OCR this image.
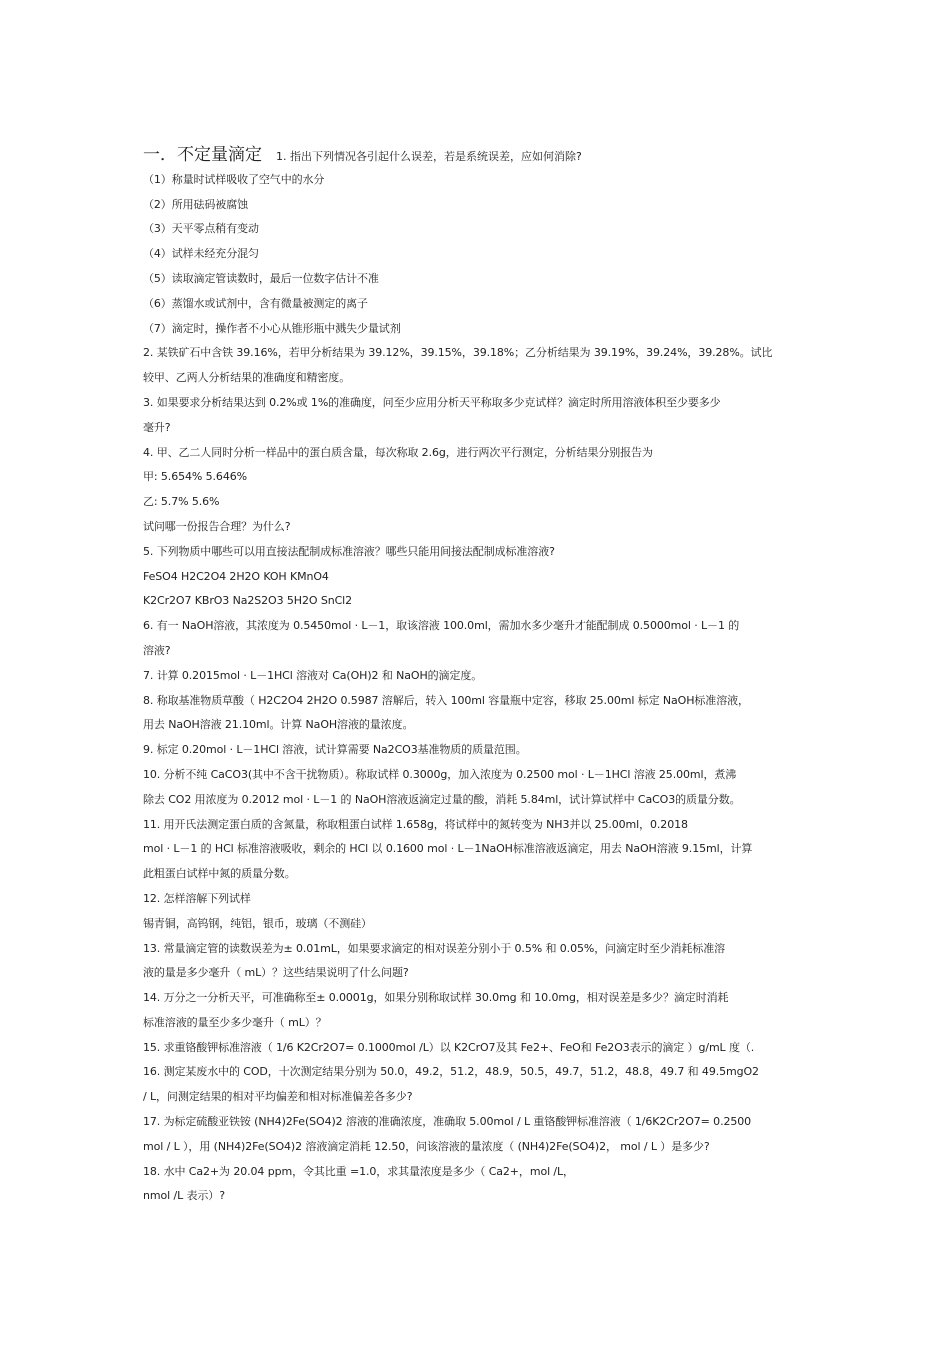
一．不定量滴定 1. 指出下列情况各引起什么误差，若是系统误差，应如何消除?
（1）称量时试样吸收了空气中的水分
（2）所用砝码被腐蚀
（3）天平零点稍有变动
（4）试样未经充分混匀
（5）读取滴定管读数时，最后一位数字估计不准
（6）蒸馏水或试剂中，含有微量被测定的离子
（7）滴定时，操作者不小心从锥形瓶中溅失少量试剂
2. 某铁矿石中含铁 39.16%，若甲分析结果为 39.12%，39.15%，39.18%；乙分析结果为 39.19%，39.24%，39.28%。试比
较甲、乙两人分析结果的准确度和精密度。
3. 如果要求分析结果达到 0.2%或 1%的准确度，问至少应用分析天平称取多少克试样？滴定时所用溶液体积至少要多少
毫升?
4. 甲、乙二人同时分析一样品中的蛋白质含量，每次称取 2.6g，进行两次平行测定，分析结果分别报告为
甲: 5.654% 5.646%
乙: 5.7% 5.6%
试问哪一份报告合理？为什么?
5. 下列物质中哪些可以用直接法配制成标准溶液？哪些只能用间接法配制成标准溶液?
FeSO4 H2C2O4 2H2O KOH KMnO4
K2Cr2O7 KBrO3 Na2S2O3 5H2O SnCl2
6. 有一 NaOH溶液，其浓度为 0.5450mol · L－1，取该溶液 100.0ml，需加水多少毫升才能配制成 0.5000mol · L－1 的
溶液?
7. 计算 0.2015mol · L－1HCl 溶液对 Ca(OH)2 和 NaOH的滴定度。
8. 称取基准物质草酸（ H2C2O4 2H2O 0.5987 溶解后，转入 100ml 容量瓶中定容，移取 25.00ml 标定 NaOH标准溶液，
用去 NaOH溶液 21.10ml。计算 NaOH溶液的量浓度。
9. 标定 0.20mol · L－1HCl 溶液，试计算需要 Na2CO3基准物质的质量范围。
10. 分析不纯 CaCO3(其中不含干扰物质）。称取试样 0.3000g，加入浓度为 0.2500 mol · L－1HCl 溶液 25.00ml，煮沸
除去 CO2 用浓度为 0.2012 mol · L－1 的 NaOH溶液返滴定过量的酸，消耗 5.84ml，试计算试样中 CaCO3的质量分数。
11. 用开氏法测定蛋白质的含氮量，称取粗蛋白试样 1.658g，将试样中的氮转变为 NH3并以 25.00ml，0.2018
mol · L－1 的 HCl 标准溶液吸收，剩余的 HCl 以 0.1600 mol · L－1NaOH标准溶液返滴定，用去 NaOH溶液 9.15ml，计算
此粗蛋白试样中氮的质量分数。
12. 怎样溶解下列试样
锡青铜，高钨钢，纯铝，银币，玻璃（不测硅）
13. 常量滴定管的读数误差为± 0.01mL，如果要求滴定的相对误差分别小于 0.5% 和 0.05%，问滴定时至少消耗标准溶
液的量是多少毫升（ mL）？这些结果说明了什么问题?
14. 万分之一分析天平，可准确称至± 0.0001g，如果分别称取试样 30.0mg 和 10.0mg，相对误差是多少？滴定时消耗
标准溶液的量至少多少毫升（ mL）？
15. 求重铬酸钾标准溶液（ 1/6 K2Cr2O7= 0.1000mol /L）以 K2CrO7及其 Fe2+、FeO和 Fe2O3表示的滴定 ）g/mL 度（.
16. 测定某废水中的 COD，十次测定结果分别为 50.0，49.2，51.2，48.9，50.5，49.7，51.2，48.8，49.7 和 49.5mgO2
/ L，问测定结果的相对平均偏差和相对标准偏差各多少?
17. 为标定硫酸亚铁铵 (NH4)2Fe(SO4)2 溶液的准确浓度，准确取 5.00mol / L 重铬酸钾标准溶液（ 1/6K2Cr2O7= 0.2500
mol / L ），用 (NH4)2Fe(SO4)2 溶液滴定消耗 12.50，问该溶液的量浓度（ (NH4)2Fe(SO4)2， mol / L ）是多少?
18. 水中 Ca2+为 20.04 ppm，令其比重 =1.0，求其量浓度是多少（ Ca2+，mol /L，
nmol /L 表示）?
